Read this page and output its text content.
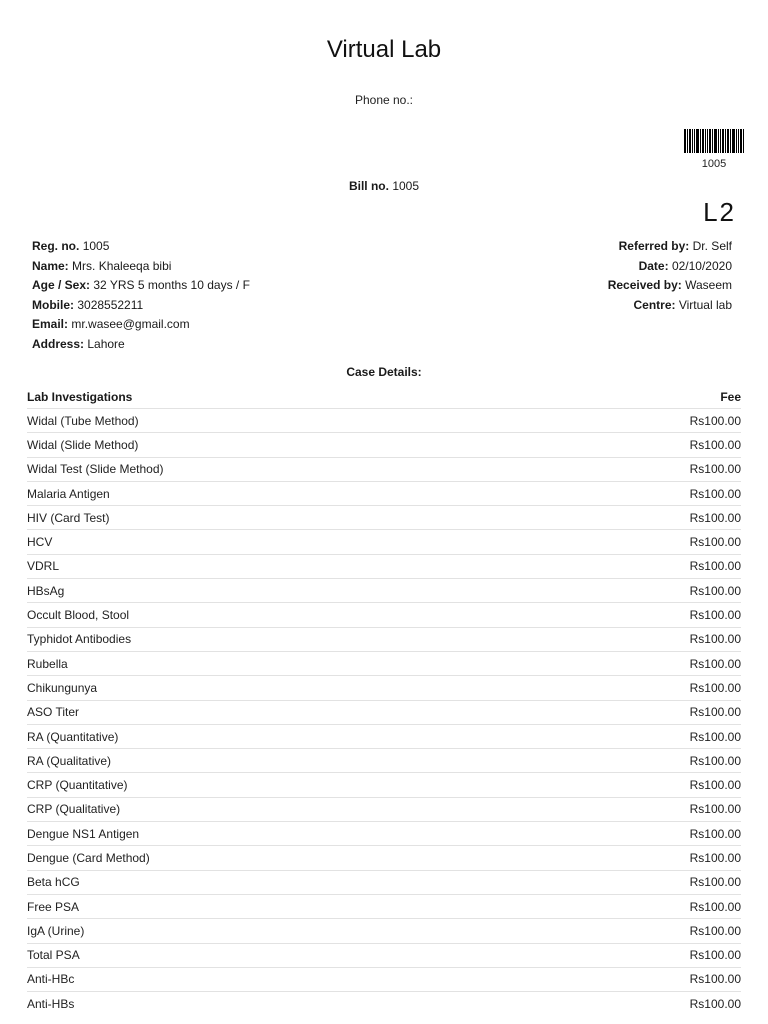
Virtual Lab
Phone no.:
1005
Bill no. 1005
L2
Reg. no. 1005
Name: Mrs. Khaleeqa bibi
Age / Sex: 32 YRS 5 months 10 days / F
Mobile: 3028552211
Email: mr.wasee@gmail.com
Address: Lahore
Referred by: Dr. Self
Date: 02/10/2020
Received by: Waseem
Centre: Virtual lab
Case Details:
Lab Investigations	Fee
Widal (Tube Method)	Rs100.00
Widal (Slide Method)	Rs100.00
Widal Test (Slide Method)	Rs100.00
Malaria Antigen	Rs100.00
HIV (Card Test)	Rs100.00
HCV	Rs100.00
VDRL	Rs100.00
HBsAg	Rs100.00
Occult Blood, Stool	Rs100.00
Typhidot Antibodies	Rs100.00
Rubella	Rs100.00
Chikungunya	Rs100.00
ASO Titer	Rs100.00
RA (Quantitative)	Rs100.00
RA (Qualitative)	Rs100.00
CRP (Quantitative)	Rs100.00
CRP (Qualitative)	Rs100.00
Dengue NS1 Antigen	Rs100.00
Dengue (Card Method)	Rs100.00
Beta hCG	Rs100.00
Free PSA	Rs100.00
IgA (Urine)	Rs100.00
Total PSA	Rs100.00
Anti-HBc	Rs100.00
Anti-HBs	Rs100.00
